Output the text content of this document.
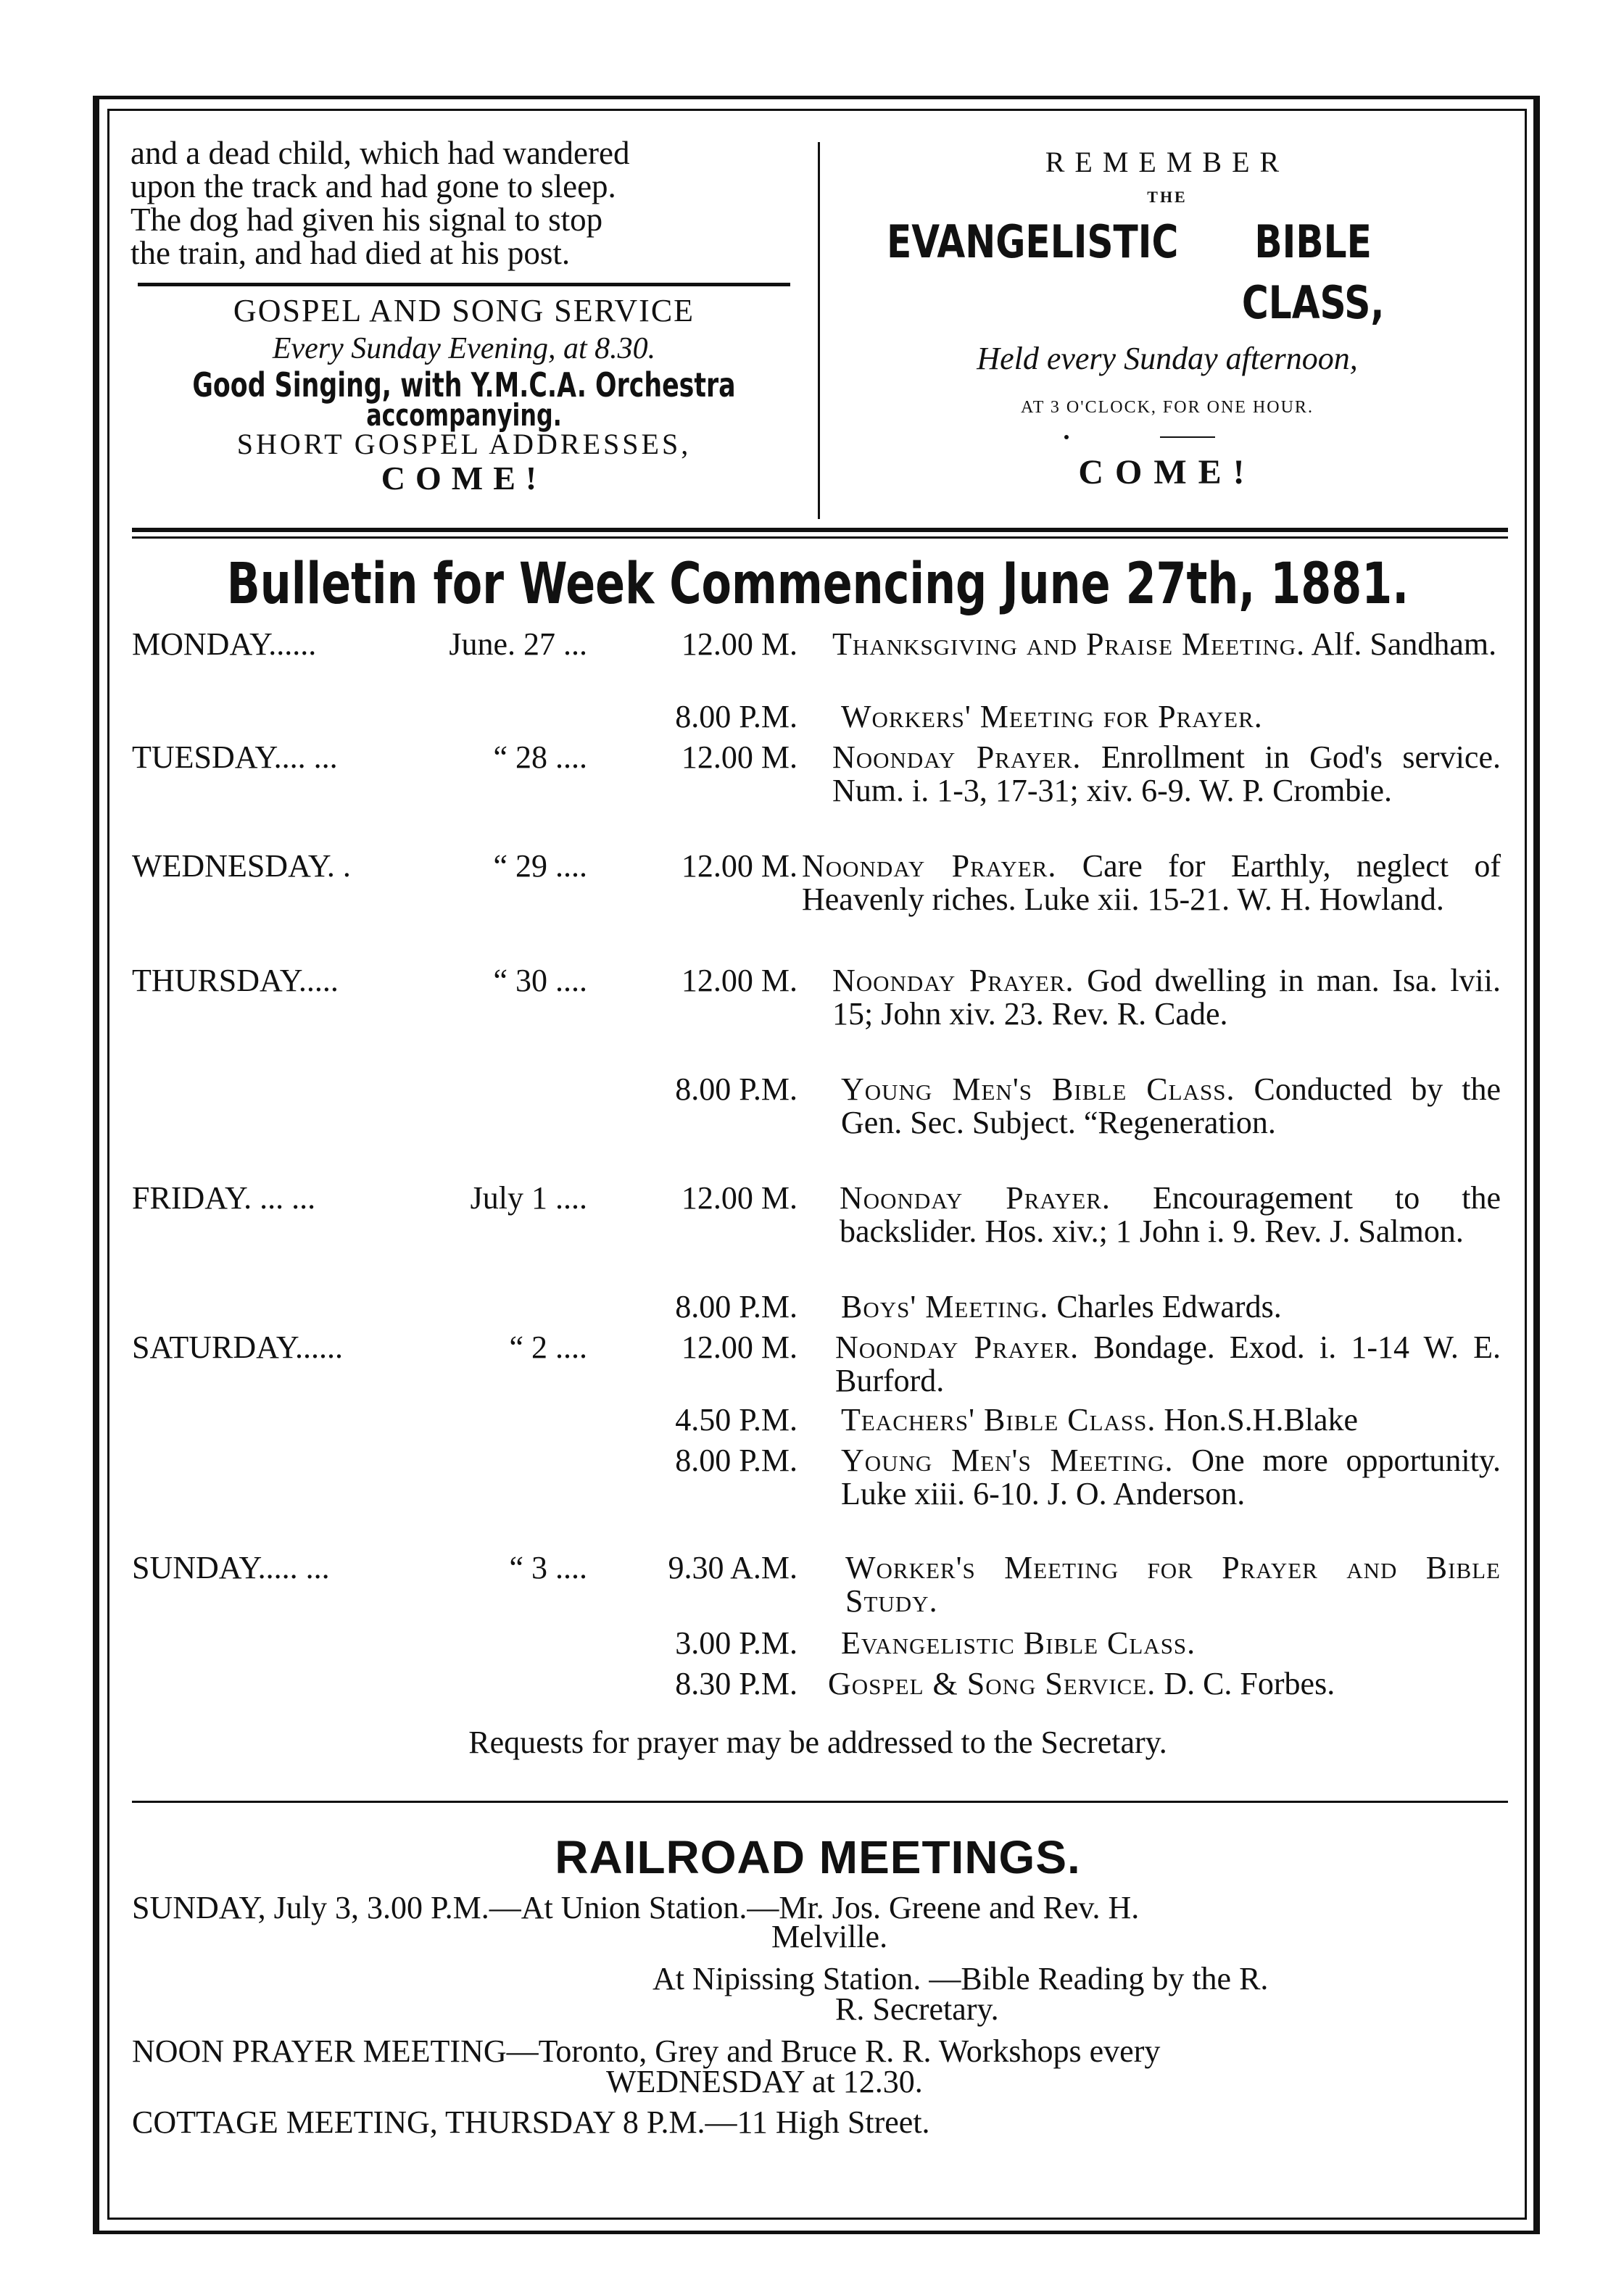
and a dead child, which had wandered
upon the track and had gone to sleep.
The dog had given his signal to stop
the train, and had died at his post.
GOSPEL AND SONG SERVICE
Every Sunday Evening, at 8.30.
Good Singing, with Y.M.C.A. Orchestra
accompanying.
SHORT GOSPEL ADDRESSES,
COME!
REMEMBER
THE
EVANGELISTIC	BIBLE CLASS,
Held every Sunday afternoon,
AT 3 O'CLOCK, FOR ONE HOUR.
COME!
Bulletin for Week Commencing June 27th, 1881.
MONDAY......	June. 27 ...	12.00 M. Thanksgiving and Praise Meeting. Alf. Sandham.
8.00 P.M. Workers' Meeting for Prayer.
TUESDAY.... ...	“ 28 ....	12.00 M. Noonday Prayer. Enrollment in God's service. Num. i. 1-3, 17-31; xiv. 6-9. W. P. Crombie.
WEDNESDAY. .	“ 29 ....	12.00 M. Noonday Prayer. Care for Earthly, neglect of Heavenly riches. Luke xii. 15-21. W. H. Howland.
THURSDAY.....	“ 30 ....	12.00 M. Noonday Prayer. God dwelling in man. Isa. lvii. 15; John xiv. 23. Rev. R. Cade.
8.00 P.M. Young Men's Bible Class. Conducted by the Gen. Sec. Subject. “Regeneration.
FRIDAY. ... ...	July 1 ....	12.00 M. Noonday Prayer. Encouragement to the backslider. Hos. xiv.; 1 John i. 9. Rev. J. Salmon.
8.00 P.M. Boys' Meeting. Charles Edwards.
SATURDAY......	“ 2 ....	12.00 M. Noonday Prayer. Bondage. Exod. i. 1-14 W. E. Burford.
4.50 P.M. Teachers' Bible Class. Hon.S.H.Blake
8.00 P.M. Young Men's Meeting. One more opportunity. Luke xiii. 6-10. J. O. Anderson.
SUNDAY..... ...	“ 3 ....	9.30 A.M. Worker's Meeting for Prayer and Bible Study.
3.00 P.M. Evangelistic Bible Class.
8.30 P.M. Gospel & Song Service. D. C. Forbes.
Requests for prayer may be addressed to the Secretary.
RAILROAD MEETINGS.
SUNDAY, July 3, 3.00 P.M.—At Union Station.—Mr. Jos. Greene and Rev. H.
Melville.
At Nipissing Station. —Bible Reading by the R.
R. Secretary.
NOON PRAYER MEETING—Toronto, Grey and Bruce R. R. Workshops every
WEDNESDAY at 12.30.
COTTAGE MEETING, THURSDAY 8 P.M.—11 High Street.
